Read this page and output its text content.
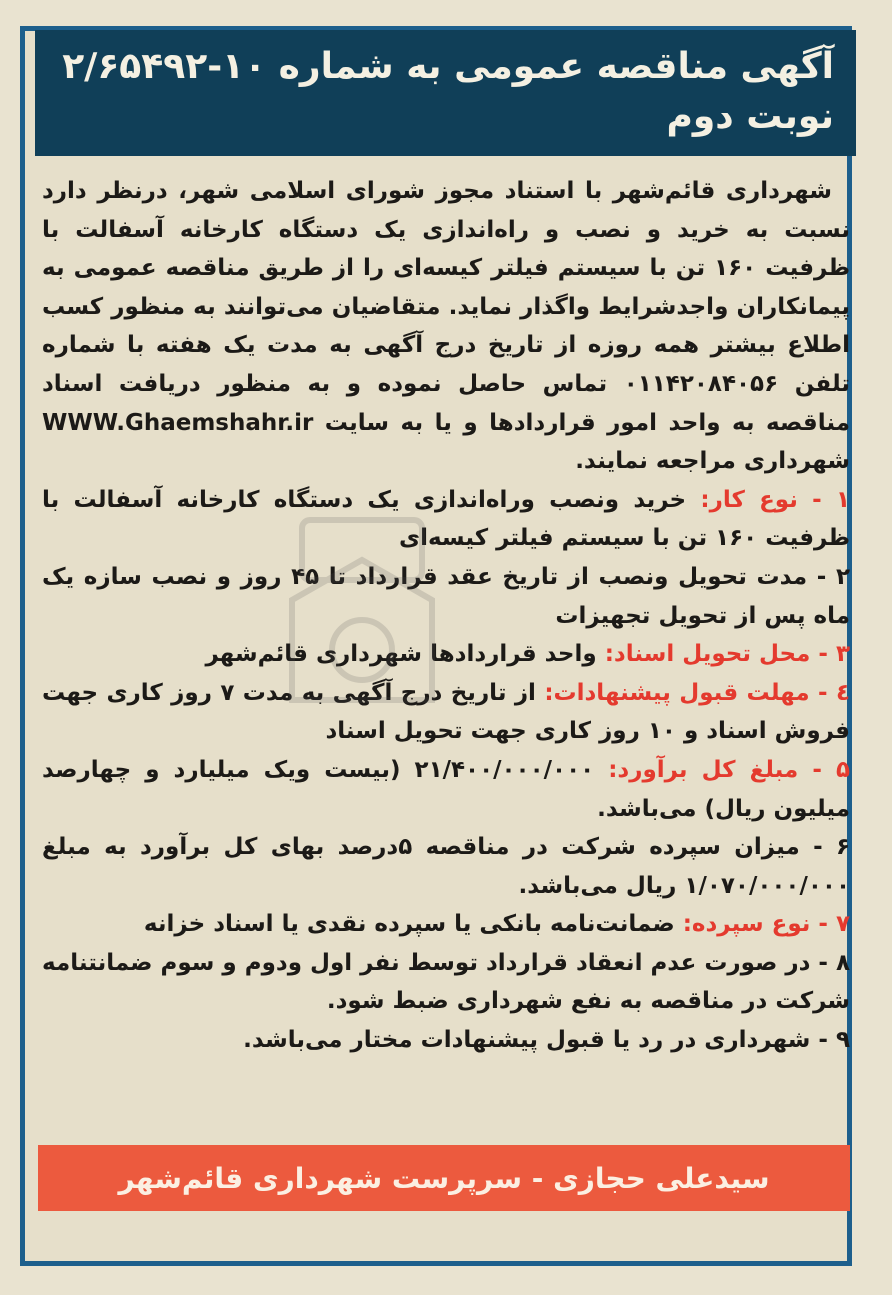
آگهی مناقصه عمومی به شماره ۱۰-۲/۶۵۴۹۲
نوبت دوم

شهرداری قائم‌شهر با استناد مجوز شورای اسلامی شهر، درنظر دارد نسبت به خرید و نصب و راه‌اندازی یک دستگاه کارخانه آسفالت با ظرفیت ۱۶۰ تن با سیستم فیلتر کیسه‌ای را از طریق مناقصه عمومی به پیمانکاران واجدشرایط واگذار نماید. متقاضیان می‌توانند به منظور کسب اطلاع بیشتر همه روزه از تاریخ درج آگهی به مدت یک هفته با شماره تلفن ۰۱۱۴۲۰۸۴۰۵۶ تماس حاصل نموده و به منظور دریافت اسناد مناقصه به واحد امور قراردادها و یا به سایت WWW.Ghaemshahr.ir شهرداری مراجعه نمایند.

۱ - نوع کار: خرید ونصب وراه‌اندازی یک دستگاه کارخانه آسفالت با ظرفیت ۱۶۰ تن با سیستم فیلتر کیسه‌ای

۲ - مدت تحویل ونصب از تاریخ عقد قرارداد تا ۴۵ روز و نصب سازه یک ماه پس از تحویل تجهیزات

۳ - محل تحویل اسناد: واحد قراردادها شهرداری قائم‌شهر

٤ - مهلت قبول پیشنهادات: از تاریخ درج آگهی به مدت ۷ روز کاری جهت فروش اسناد و ۱۰ روز کاری جهت تحویل اسناد

۵ - مبلغ کل برآورد: ۲۱/۴۰۰/۰۰۰/۰۰۰ (بیست ویک میلیارد و چهارصد میلیون ریال) می‌باشد.

۶ - میزان سپرده شرکت در مناقصه ۵درصد بهای کل برآورد به مبلغ ۱/۰۷۰/۰۰۰/۰۰۰ ریال می‌باشد.

۷ - نوع سپرده: ضمانت‌نامه بانکی یا سپرده نقدی یا اسناد خزانه

۸ - در صورت عدم انعقاد قرارداد توسط نفر اول ودوم و سوم ضمانتنامه شرکت در مناقصه به نفع شهرداری ضبط شود.

۹ - شهرداری در رد یا قبول پیشنهادات مختار می‌باشد.

سیدعلی حجازی - سرپرست شهرداری قائم‌شهر
